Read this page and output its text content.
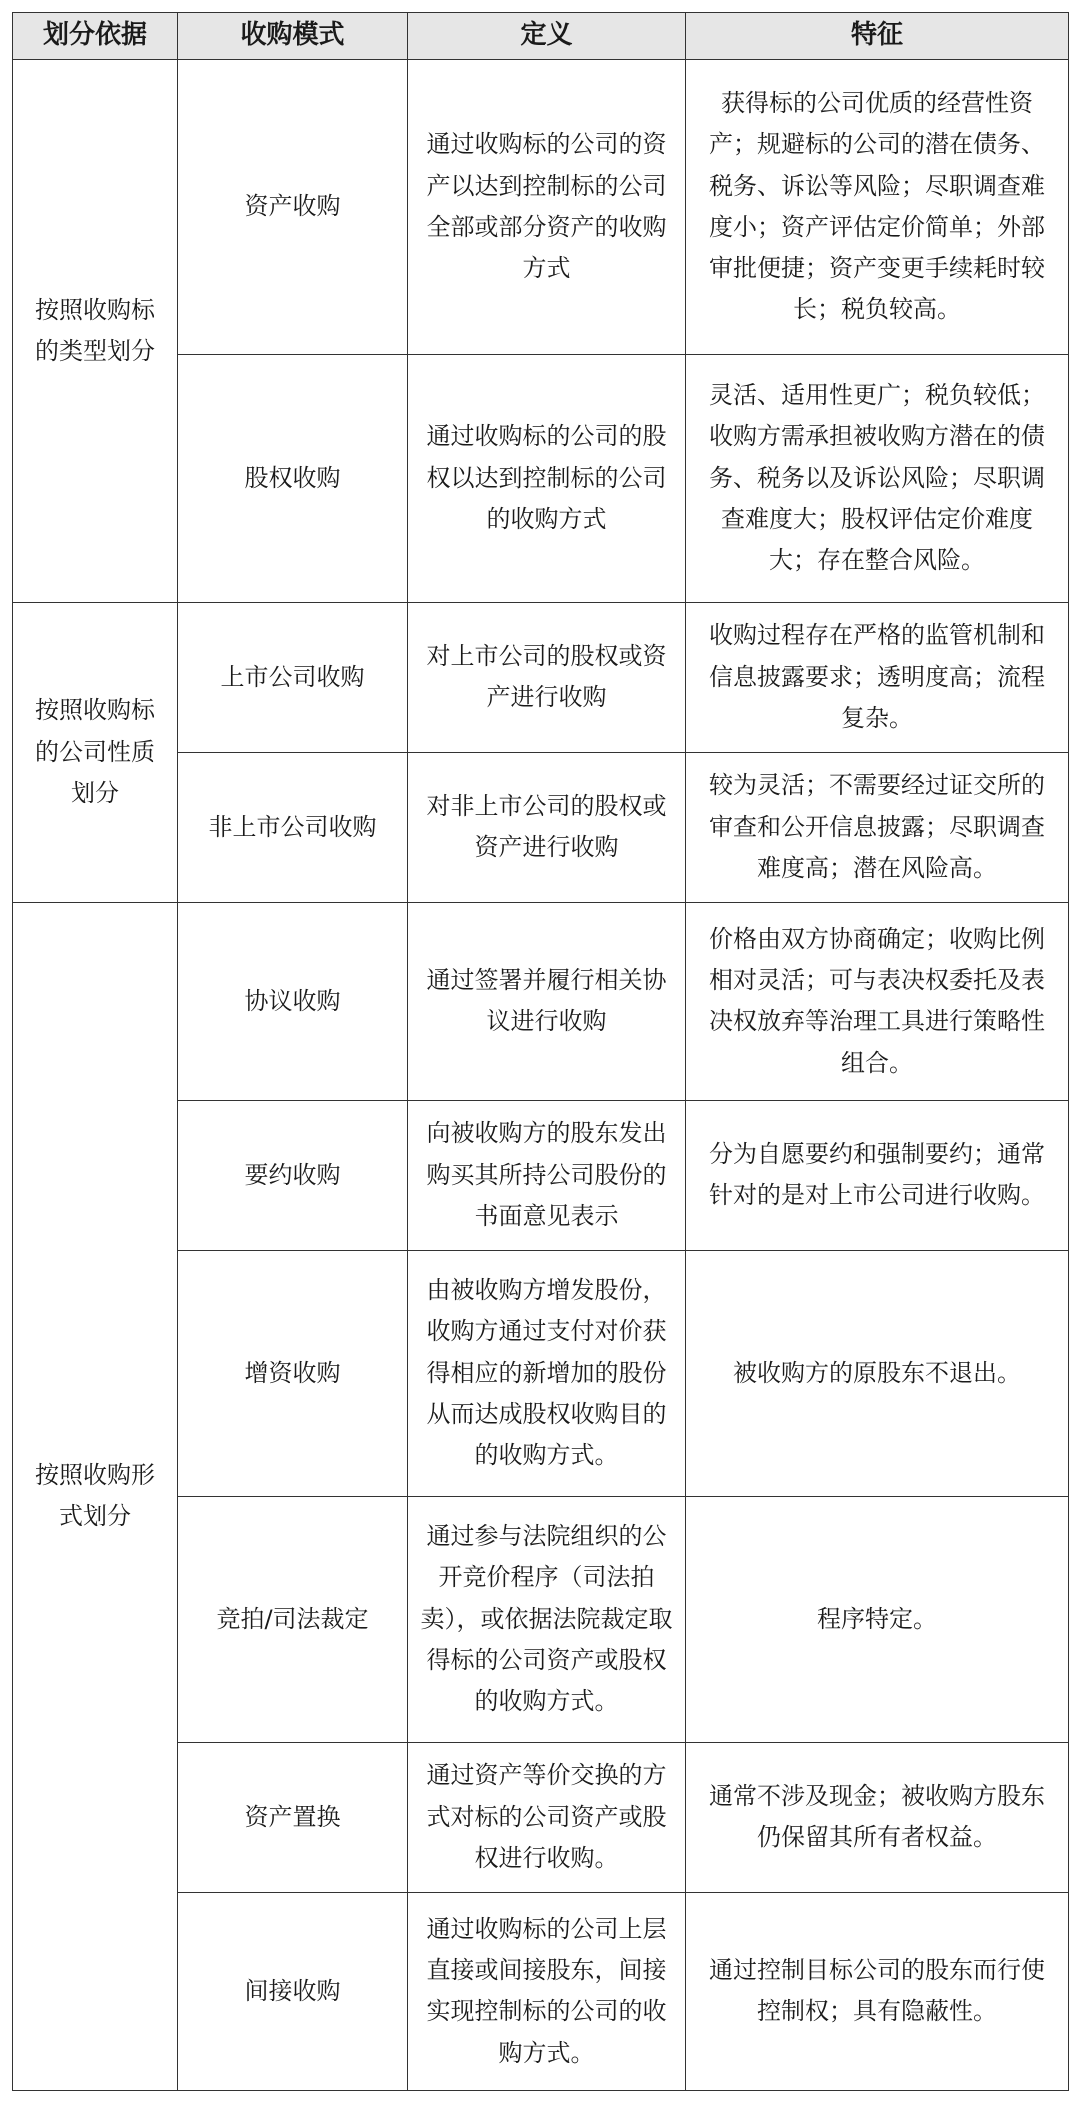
划分依据	收购模式	定义	特征
按照收购标的类型划分	资产收购	通过收购标的公司的资产以达到控制标的公司全部或部分资产的收购方式	获得标的公司优质的经营性资产；规避标的公司的潜在债务、税务、诉讼等风险；尽职调查难度小；资产评估定价简单；外部审批便捷；资产变更手续耗时较长；税负较高。
	股权收购	通过收购标的公司的股权以达到控制标的公司的收购方式	灵活、适用性更广；税负较低；收购方需承担被收购方潜在的债务、税务以及诉讼风险；尽职调查难度大；股权评估定价难度大；存在整合风险。
按照收购标的公司性质划分	上市公司收购	对上市公司的股权或资产进行收购	收购过程存在严格的监管机制和信息披露要求；透明度高；流程复杂。
	非上市公司收购	对非上市公司的股权或资产进行收购	较为灵活；不需要经过证交所的审查和公开信息披露；尽职调查难度高；潜在风险高。
按照收购形式划分	协议收购	通过签署并履行相关协议进行收购	价格由双方协商确定；收购比例相对灵活；可与表决权委托及表决权放弃等治理工具进行策略性组合。
	要约收购	向被收购方的股东发出购买其所持公司股份的书面意见表示	分为自愿要约和强制要约；通常针对的是对上市公司进行收购。
	增资收购	由被收购方增发股份，收购方通过支付对价获得相应的新增加的股份从而达成股权收购目的的收购方式。	被收购方的原股东不退出。
	竞拍/司法裁定	通过参与法院组织的公开竞价程序（司法拍卖），或依据法院裁定取得标的公司资产或股权的收购方式。	程序特定。
	资产置换	通过资产等价交换的方式对标的公司资产或股权进行收购。	通常不涉及现金；被收购方股东仍保留其所有者权益。
	间接收购	通过收购标的公司上层直接或间接股东，间接实现控制标的公司的收购方式。	通过控制目标公司的股东而行使控制权；具有隐蔽性。
